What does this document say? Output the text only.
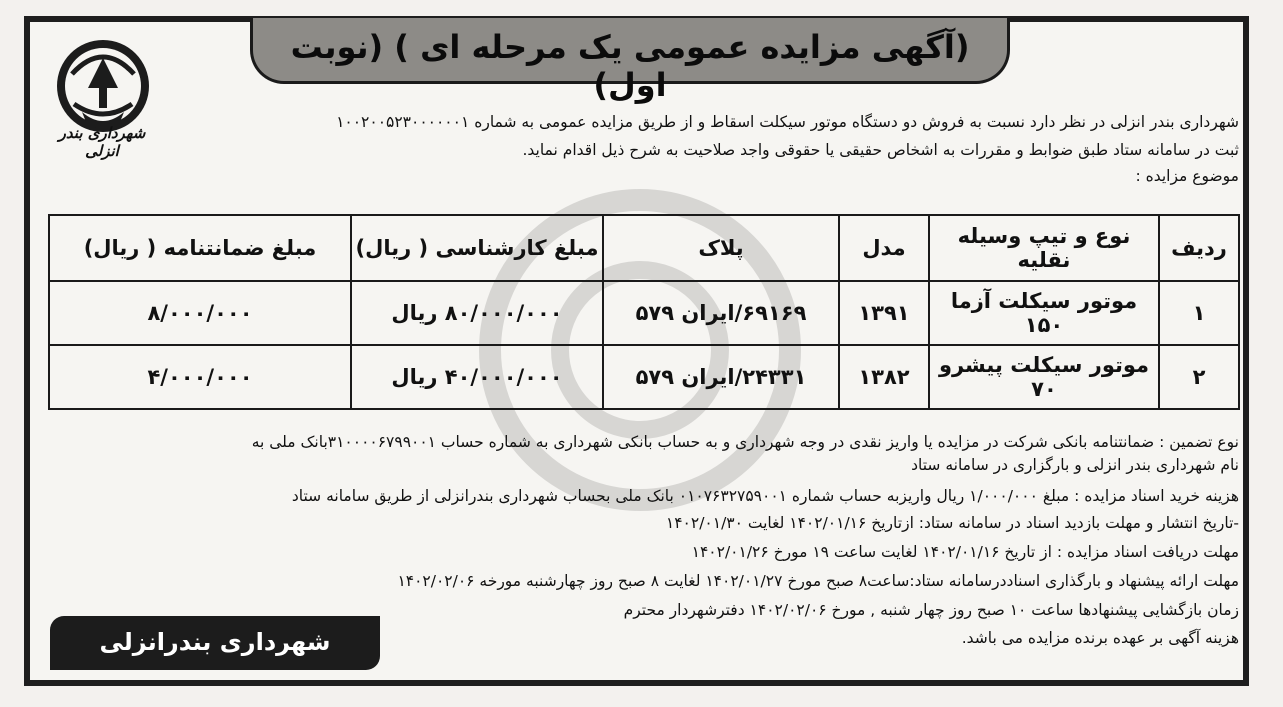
(آگهی مزایده عمومی یک مرحله ای ) (نوبت اول)
شهرداری بندر انزلی
شهرداری بندر انزلی در نظر دارد نسبت به فروش دو دستگاه موتور سیکلت اسقاط و از طریق مزایده عمومی به شماره ۱۰۰۲۰۰۵۲۳۰۰۰۰۰۰۱
ثبت در سامانه ستاد طبق ضوابط و مقررات به اشخاص حقیقی یا حقوقی واجد صلاحیت به شرح ذیل اقدام نماید.
موضوع مزایده :
ردیف	نوع و تیپ وسیله نقلیه	مدل	پلاک	مبلغ کارشناسی ( ریال)	مبلغ ضمانتنامه ( ریال)
۱	موتور سیکلت آزما ۱۵۰	۱۳۹۱	۶۹۱۶۹/ایران ۵۷۹	۸۰/۰۰۰/۰۰۰ ریال	۸/۰۰۰/۰۰۰
۲	موتور سیکلت پیشرو ۷۰	۱۳۸۲	۲۴۳۳۱/ایران ۵۷۹	۴۰/۰۰۰/۰۰۰ ریال	۴/۰۰۰/۰۰۰
نوع تضمین : ضمانتنامه بانکی شرکت در مزایده یا واریز نقدی در وجه شهرداری و به حساب بانکی شهرداری به شماره حساب ۳۱۰۰۰۰۶۷۹۹۰۰۱بانک ملی به
نام شهرداری بندر انزلی و بارگزاری در سامانه ستاد
هزینه خرید اسناد مزایده : مبلغ ۱/۰۰۰/۰۰۰ ریال واریزبه حساب شماره ۰۱۰۷۶۳۲۷۵۹۰۰۱ بانک ملی بحساب شهرداری بندرانزلی از طریق سامانه ستاد
-تاریخ انتشار و مهلت بازدید اسناد در سامانه ستاد: ازتاریخ ۱۴۰۲/۰۱/۱۶ لغایت ۱۴۰۲/۰۱/۳۰
مهلت دریافت اسناد مزایده : از تاریخ ۱۴۰۲/۰۱/۱۶ لغایت ساعت ۱۹ مورخ ۱۴۰۲/۰۱/۲۶
مهلت ارائه پیشنهاد و بارگذاری اسناددرسامانه ستاد:ساعت۸ صبح مورخ ۱۴۰۲/۰۱/۲۷ لغایت ۸ صبح روز چهارشنبه مورخه ۱۴۰۲/۰۲/۰۶
زمان بازگشایی پیشنهادها ساعت ۱۰ صبح روز چهار شنبه , مورخ ۱۴۰۲/۰۲/۰۶ دفترشهردار محترم
هزینه آگهی بر عهده برنده مزایده می باشد.
شهرداری بندرانزلی
